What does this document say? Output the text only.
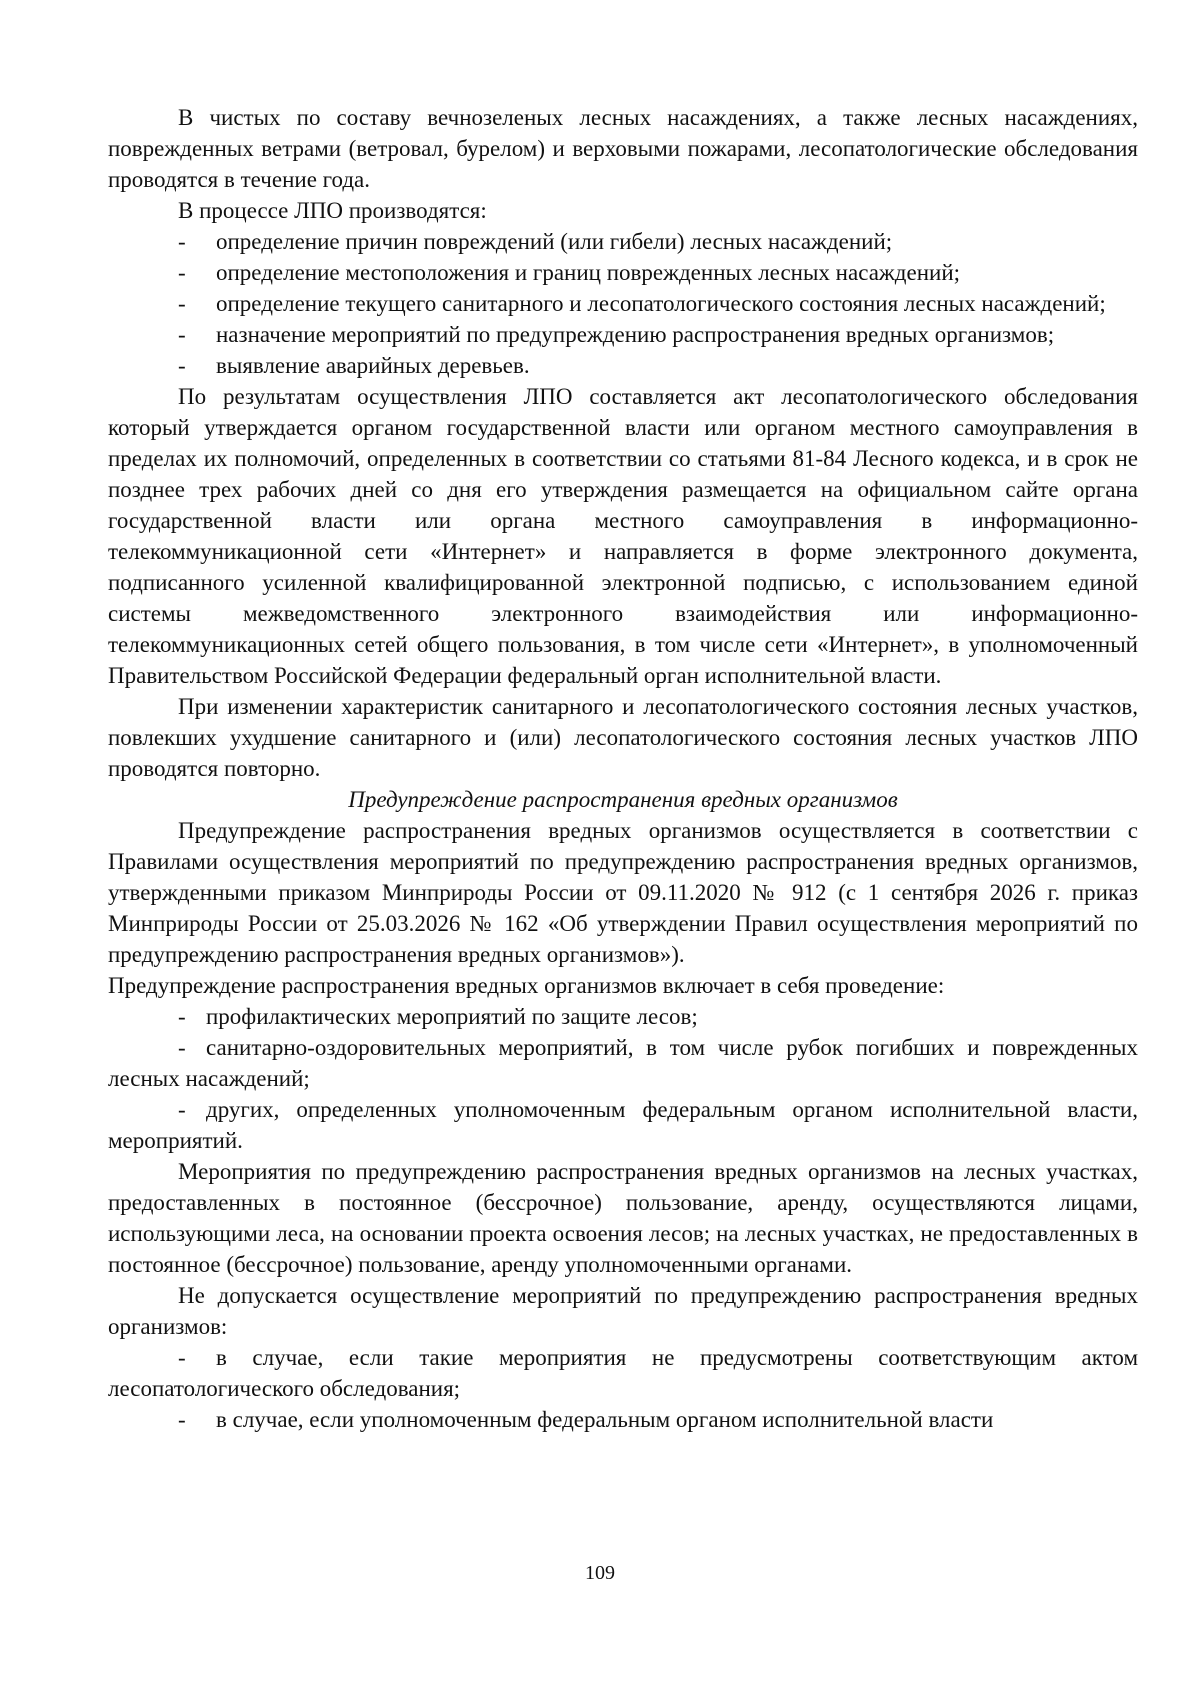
В чистых по составу вечнозеленых лесных насаждениях, а также лесных насаждениях, поврежденных ветрами (ветровал, бурелом) и верховыми пожарами, лесопатологические обследования проводятся в течение года.

В процессе ЛПО производятся:

- определение причин повреждений (или гибели) лесных насаждений;

- определение местоположения и границ поврежденных лесных насаждений;

- определение текущего санитарного и лесопатологического состояния лесных насаждений;

- назначение мероприятий по предупреждению распространения вредных организмов;

- выявление аварийных деревьев.

По результатам осуществления ЛПО составляется акт лесопатологического обследования который утверждается органом государственной власти или органом местного самоуправления в пределах их полномочий, определенных в соответствии со статьями 81-84 Лесного кодекса, и в срок не позднее трех рабочих дней со дня его утверждения размещается на официальном сайте органа государственной власти или органа местного самоуправления в информационно-телекоммуникационной сети «Интернет» и направляется в форме электронного документа, подписанного усиленной квалифицированной электронной подписью, с использованием единой системы межведомственного электронного взаимодействия или информационно-телекоммуникационных сетей общего пользования, в том числе сети «Интернет», в уполномоченный Правительством Российской Федерации федеральный орган исполнительной власти.

При изменении характеристик санитарного и лесопатологического состояния лесных участков, повлекших ухудшение санитарного и (или) лесопатологического состояния лесных участков ЛПО проводятся повторно.

Предупреждение распространения вредных организмов

Предупреждение распространения вредных организмов осуществляется в соответствии с Правилами осуществления мероприятий по предупреждению распространения вредных организмов, утвержденными приказом Минприроды России от 09.11.2020 № 912 (с 1 сентября 2026 г. приказ Минприроды России от 25.03.2026 № 162 «Об утверждении Правил осуществления мероприятий по предупреждению распространения вредных организмов»).

Предупреждение распространения вредных организмов включает в себя проведение:

- профилактических мероприятий по защите лесов;

- санитарно-оздоровительных мероприятий, в том числе рубок погибших и поврежденных лесных насаждений;

- других, определенных уполномоченным федеральным органом исполнительной власти, мероприятий.

Мероприятия по предупреждению распространения вредных организмов на лесных участках, предоставленных в постоянное (бессрочное) пользование, аренду, осуществляются лицами, использующими леса, на основании проекта освоения лесов; на лесных участках, не предоставленных в постоянное (бессрочное) пользование, аренду уполномоченными органами.

Не допускается осуществление мероприятий по предупреждению распространения вредных организмов:

- в случае, если такие мероприятия не предусмотрены соответствующим актом лесопатологического обследования;

- в случае, если уполномоченным федеральным органом исполнительной власти

109
